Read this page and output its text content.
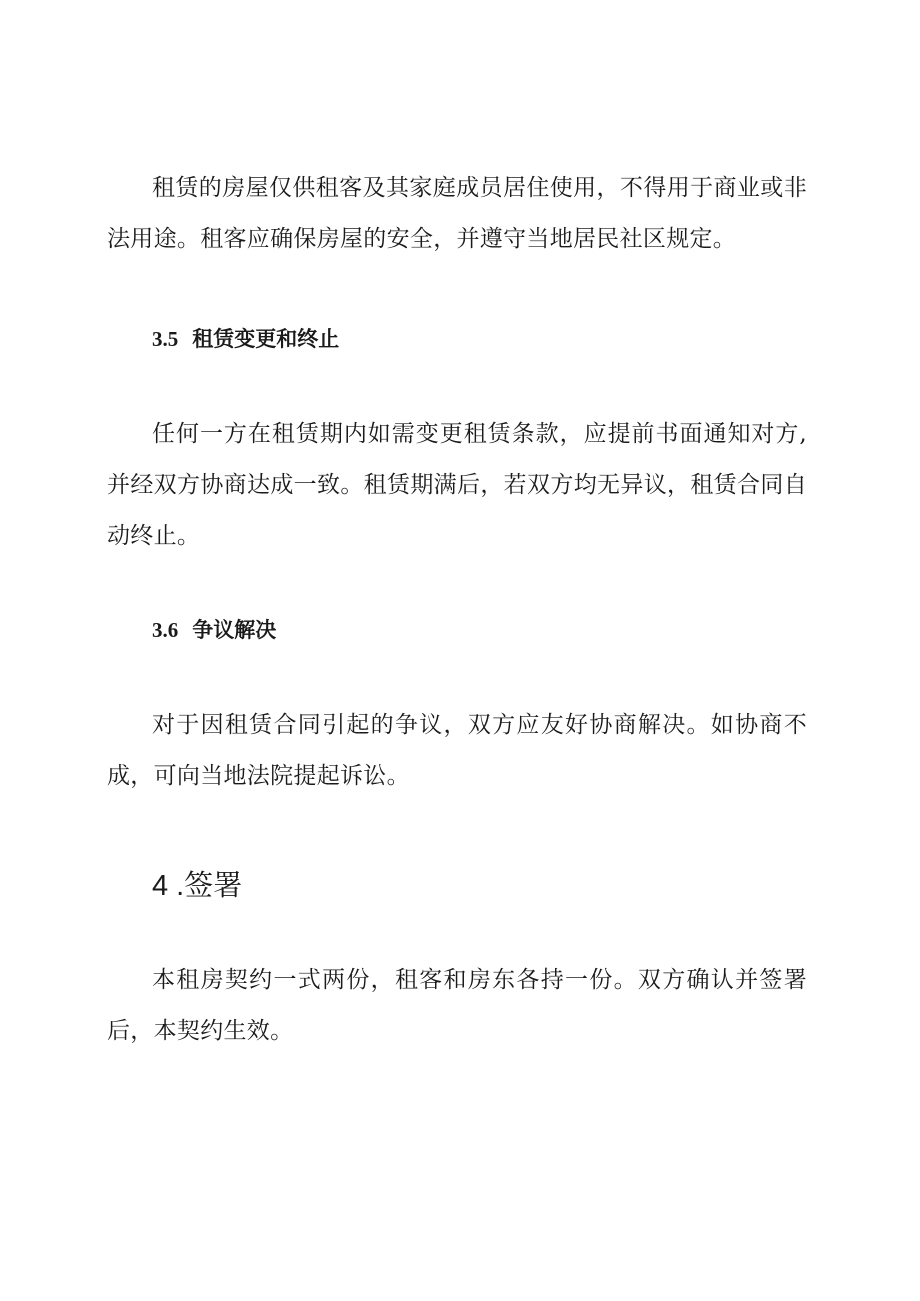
租赁的房屋仅供租客及其家庭成员居住使用，不得用于商业或非法用途。租客应确保房屋的安全，并遵守当地居民社区规定。

3.5 租赁变更和终止

任何一方在租赁期内如需变更租赁条款，应提前书面通知对方,并经双方协商达成一致。租赁期满后，若双方均无异议，租赁合同自动终止。

3.6 争议解决

对于因租赁合同引起的争议，双方应友好协商解决。如协商不成，可向当地法院提起诉讼。

4 .签署

本租房契约一式两份，租客和房东各持一份。双方确认并签署后，本契约生效。
